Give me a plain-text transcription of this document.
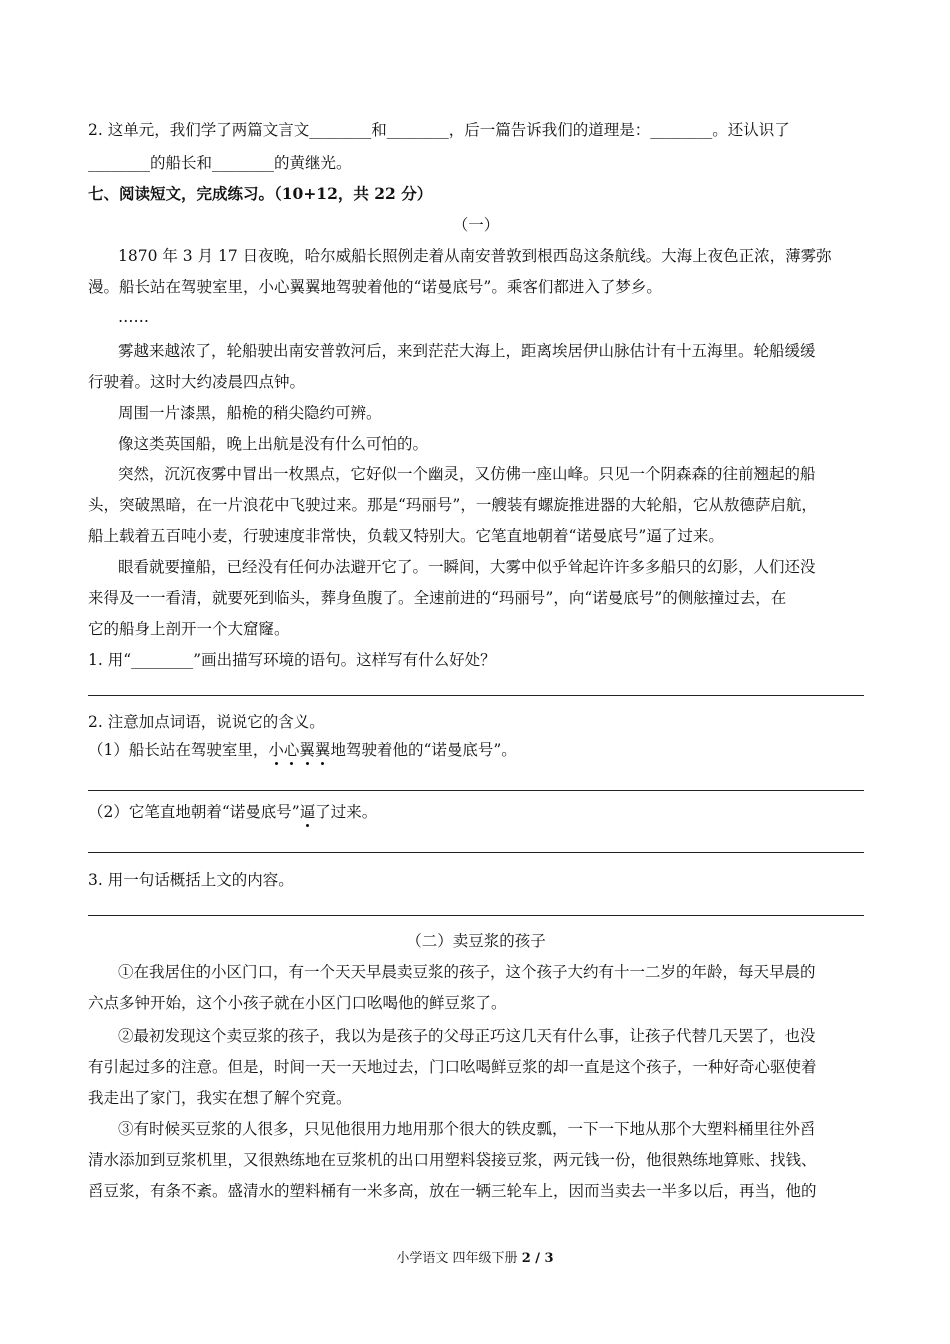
2. 这单元，我们学了两篇文言文________和________，后一篇告诉我们的道理是：________。还认识了
________的船长和________的黄继光。
七、阅读短文，完成练习。（10+12，共 22 分）
（一）
1870 年 3 月 17 日夜晚，哈尔威船长照例走着从南安普敦到根西岛这条航线。大海上夜色正浓，薄雾弥
漫。船长站在驾驶室里，小心翼翼地驾驶着他的“诺曼底号”。乘客们都进入了梦乡。
……
雾越来越浓了，轮船驶出南安普敦河后，来到茫茫大海上，距离埃居伊山脉估计有十五海里。轮船缓缓
行驶着。这时大约凌晨四点钟。
周围一片漆黑，船桅的稍尖隐约可辨。
像这类英国船，晚上出航是没有什么可怕的。
突然，沉沉夜雾中冒出一枚黑点，它好似一个幽灵，又仿佛一座山峰。只见一个阴森森的往前翘起的船
头，突破黑暗，在一片浪花中飞驶过来。那是“玛丽号”，一艘装有螺旋推进器的大轮船，它从敖德萨启航，
船上载着五百吨小麦，行驶速度非常快，负载又特别大。它笔直地朝着“诺曼底号”逼了过来。
眼看就要撞船，已经没有任何办法避开它了。一瞬间，大雾中似乎耸起许许多多船只的幻影，人们还没
来得及一一看清，就要死到临头，葬身鱼腹了。全速前进的“玛丽号”，向“诺曼底号”的侧舷撞过去，在
它的船身上剖开一个大窟窿。
1. 用“________”画出描写环境的语句。这样写有什么好处？
2. 注意加点词语，说说它的含义。
（1）船长站在驾驶室里，小心翼翼地驾驶着他的“诺曼底号”。
（2）它笔直地朝着“诺曼底号”逼了过来。
3. 用一句话概括上文的内容。
（二）卖豆浆的孩子
①在我居住的小区门口，有一个天天早晨卖豆浆的孩子，这个孩子大约有十一二岁的年龄，每天早晨的
六点多钟开始，这个小孩子就在小区门口吆喝他的鲜豆浆了。
②最初发现这个卖豆浆的孩子，我以为是孩子的父母正巧这几天有什么事，让孩子代替几天罢了，也没
有引起过多的注意。但是，时间一天一天地过去，门口吆喝鲜豆浆的却一直是这个孩子，一种好奇心驱使着
我走出了家门，我实在想了解个究竟。
③有时候买豆浆的人很多，只见他很用力地用那个很大的铁皮瓢，一下一下地从那个大塑料桶里往外舀
清水添加到豆浆机里，又很熟练地在豆浆机的出口用塑料袋接豆浆，两元钱一份，他很熟练地算账、找钱、
舀豆浆，有条不紊。盛清水的塑料桶有一米多高，放在一辆三轮车上，因而当卖去一半多以后，再当，他的
小学语文 四年级下册 2 / 3
